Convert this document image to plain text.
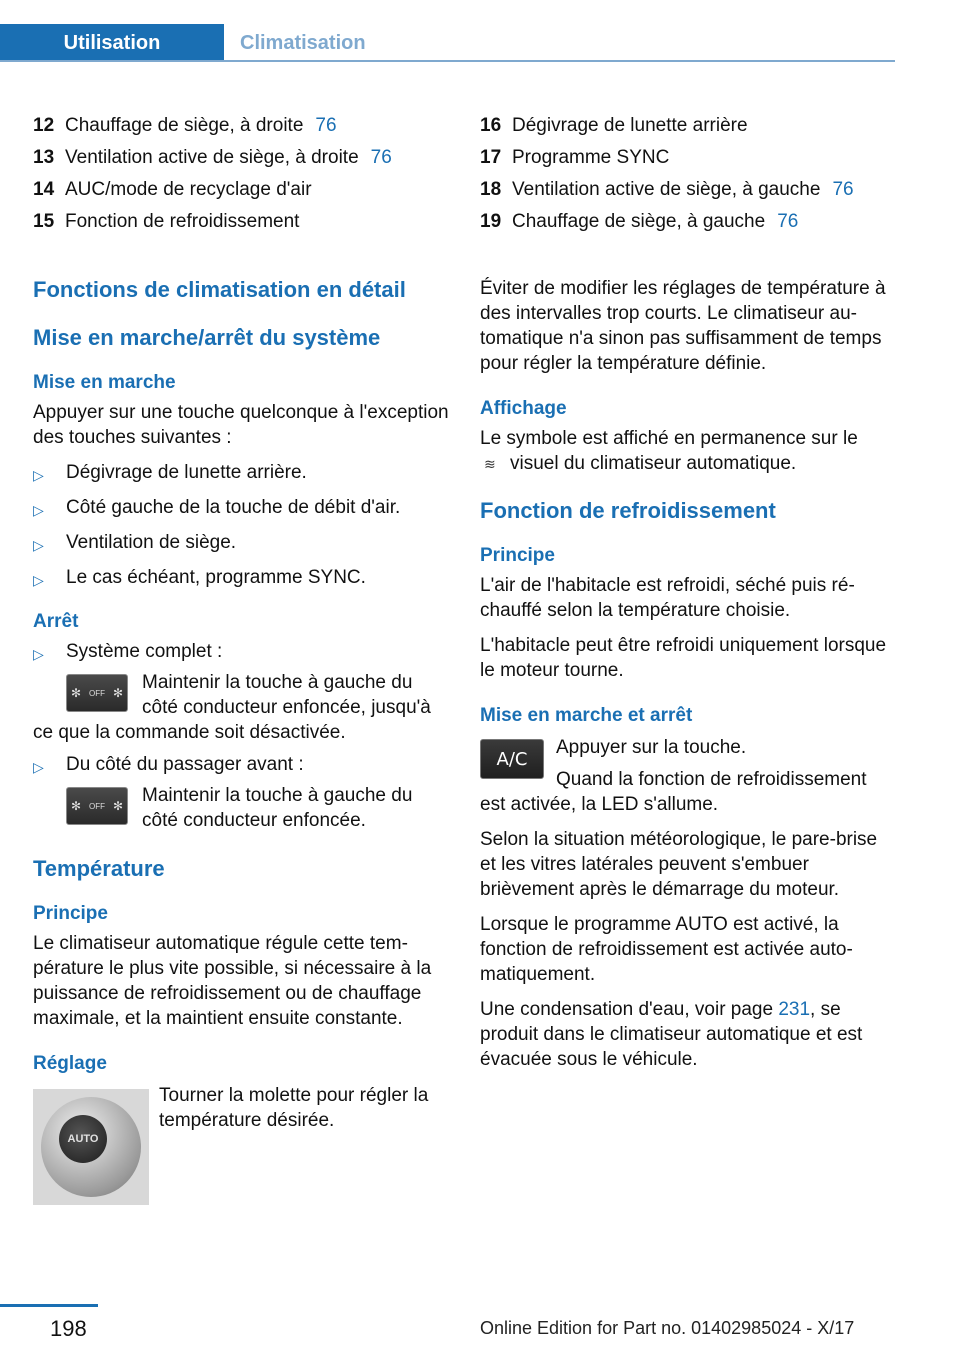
Utilisation	Climatisation
12 Chauffage de siège, à droite 76
13 Ventilation active de siège, à droite 76
14 AUC/mode de recyclage d'air
15 Fonction de refroidissement
Fonctions de climatisation en détail
Mise en marche/arrêt du système
Mise en marche
Appuyer sur une touche quelconque à l'exception des touches suivantes :
▷	Dégivrage de lunette arrière.
▷	Côté gauche de la touche de débit d'air.
▷	Ventilation de siège.
▷	Le cas échéant, programme SYNC.
Arrêt
▷	Système complet :
✻ OFF ✻ Maintenir la touche à gauche du côté conducteur enfoncée, jusqu'à ce que la commande soit désactivée.
▷	Du côté du passager avant :
✻ OFF ✻ Maintenir la touche à gauche du côté conducteur enfoncée.
Température
Principe
Le climatiseur automatique régule cette température le plus vite possible, si nécessaire à la puissance de refroidissement ou de chauffage maximale, et la maintient ensuite constante.
Réglage
AUTO
Tourner la molette pour régler la température désirée.
16 Dégivrage de lunette arrière
17 Programme SYNC
18 Ventilation active de siège, à gauche 76
19 Chauffage de siège, à gauche 76
Éviter de modifier les réglages de température à des intervalles trop courts. Le climatiseur automatique n'a sinon pas suffisamment de temps pour régler la température définie.
Affichage
Le symbole est affiché en permanence sur le
≋ visuel du climatiseur automatique.
Fonction de refroidissement
Principe
L'air de l'habitacle est refroidi, séché puis réchauffé selon la température choisie.
L'habitacle peut être refroidi uniquement lorsque le moteur tourne.
Mise en marche et arrêt
A/C
Appuyer sur la touche.
Quand la fonction de refroidissement est activée, la LED s'allume.
Selon la situation météorologique, le pare-brise et les vitres latérales peuvent s'embuer brièvement après le démarrage du moteur.
Lorsque le programme AUTO est activé, la fonction de refroidissement est activée automatiquement.
Une condensation d'eau, voir page 231, se produit dans le climatiseur automatique et est évacuée sous le véhicule.
198	Online Edition for Part no. 01402985024 - X/17
